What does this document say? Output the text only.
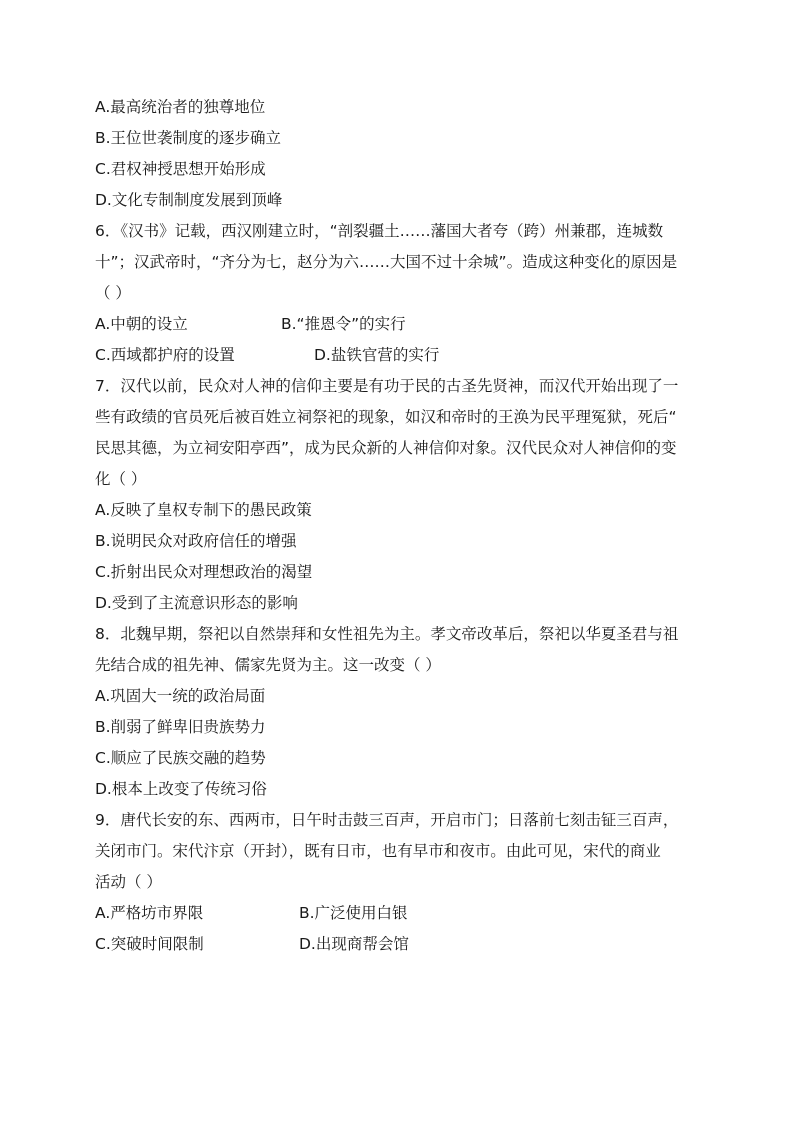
A.最高统治者的独尊地位
B.王位世袭制度的逐步确立
C.君权神授思想开始形成
D.文化专制制度发展到顶峰
6．《汉书》记载，西汉刚建立时，“剖裂疆土……藩国大者夸（跨）州兼郡，连城数
十”；汉武帝时，“齐分为七，赵分为六……大国不过十余城”。造成这种变化的原因是
（ ）
A.中朝的设立	B.“推恩令”的实行
C.西域都护府的设置	D.盐铁官营的实行
7．汉代以前，民众对人神的信仰主要是有功于民的古圣先贤神，而汉代开始出现了一
些有政绩的官员死后被百姓立祠祭祀的现象，如汉和帝时的王涣为民平理冤狱，死后“
民思其德，为立祠安阳亭西”，成为民众新的人神信仰对象。汉代民众对人神信仰的变
化（ ）
A.反映了皇权专制下的愚民政策
B.说明民众对政府信任的增强
C.折射出民众对理想政治的渴望
D.受到了主流意识形态的影响
8．北魏早期，祭祀以自然崇拜和女性祖先为主。孝文帝改革后，祭祀以华夏圣君与祖
先结合成的祖先神、儒家先贤为主。这一改变（ ）
A.巩固大一统的政治局面
B.削弱了鲜卑旧贵族势力
C.顺应了民族交融的趋势
D.根本上改变了传统习俗
9．唐代长安的东、西两市，日午时击鼓三百声，开启市门；日落前七刻击钲三百声，
关闭市门。宋代汴京（开封），既有日市，也有早市和夜市。由此可见，宋代的商业
活动（ ）
A.严格坊市界限	B.广泛使用白银
C.突破时间限制	D.出现商帮会馆
